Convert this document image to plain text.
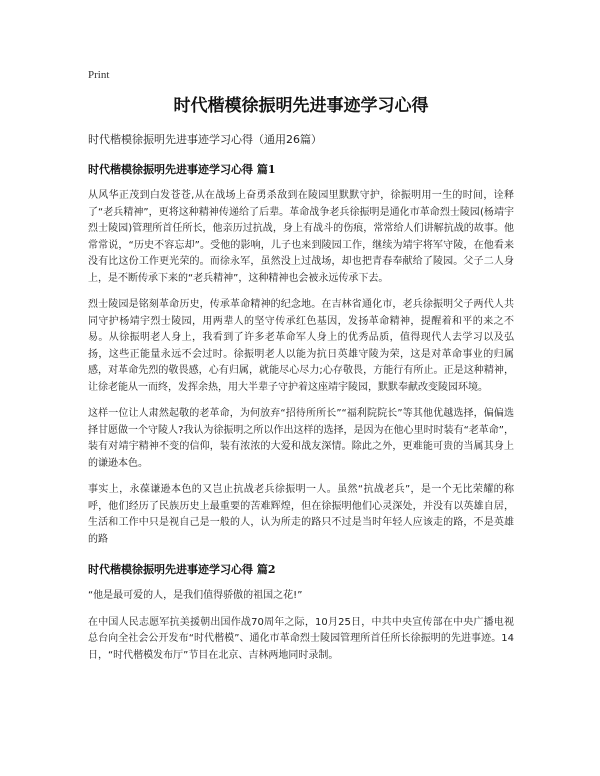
Print
时代楷模徐振明先进事迹学习心得

时代楷模徐振明先进事迹学习心得（通用26篇）

时代楷模徐振明先进事迹学习心得 篇1

从风华正茂到白发苍苍,从在战场上奋勇杀敌到在陵园里默默守护，徐振明用一生的时间，诠释了“老兵精神”，更将这种精神传递给了后辈。革命战争老兵徐振明是通化市革命烈士陵园(杨靖宇烈士陵园)管理所首任所长，他亲历过抗战，身上有战斗的伤痕，常常给人们讲解抗战的故事。他常常说，“历史不容忘却”。受他的影响，儿子也来到陵园工作，继续为靖宇将军守陵，在他看来没有比这份工作更光荣的。而徐永军，虽然没上过战场，却也把青春奉献给了陵园。父子二人身上，是不断传承下来的“老兵精神”，这种精神也会被永远传承下去。

烈士陵园是铭刻革命历史，传承革命精神的纪念地。在吉林省通化市，老兵徐振明父子两代人共同守护杨靖宇烈士陵园，用两辈人的坚守传承红色基因，发扬革命精神，提醒着和平的来之不易。从徐振明老人身上，我看到了许多老革命军人身上的优秀品质，值得现代人去学习以及弘扬，这些正能量永远不会过时。徐振明老人以能为抗日英雄守陵为荣，这是对革命事业的归属感，对革命先烈的敬畏感，心有归属，就能尽心尽力;心存敬畏，方能行有所止。正是这种精神，让徐老能从一而终，发挥余热，用大半辈子守护着这座靖宇陵园，默默奉献改变陵园环境。

这样一位让人肃然起敬的老革命，为何放弃“招待所所长”“福利院院长”等其他优越选择，偏偏选择甘愿做一个守陵人?我认为徐振明之所以作出这样的选择，是因为在他心里时时装有“老革命”，装有对靖宇精神不变的信仰，装有浓浓的大爱和战友深情。除此之外，更难能可贵的当属其身上的谦逊本色。

事实上，永葆谦逊本色的又岂止抗战老兵徐振明一人。虽然“抗战老兵”，是一个无比荣耀的称呼，他们经历了民族历史上最重要的苦难辉煌，但在徐振明他们心灵深处，并没有以英雄自居，生活和工作中只是视自己是一般的人，认为所走的路只不过是当时年轻人应该走的路，不是英雄的路

时代楷模徐振明先进事迹学习心得 篇2

“他是最可爱的人，是我们值得骄傲的祖国之花!”

在中国人民志愿军抗美援朝出国作战70周年之际，10月25日，中共中央宣传部在中央广播电视总台向全社会公开发布“时代楷模”、通化市革命烈士陵园管理所首任所长徐振明的先进事迹。14日，“时代楷模发布厅”节目在北京、吉林两地同时录制。
